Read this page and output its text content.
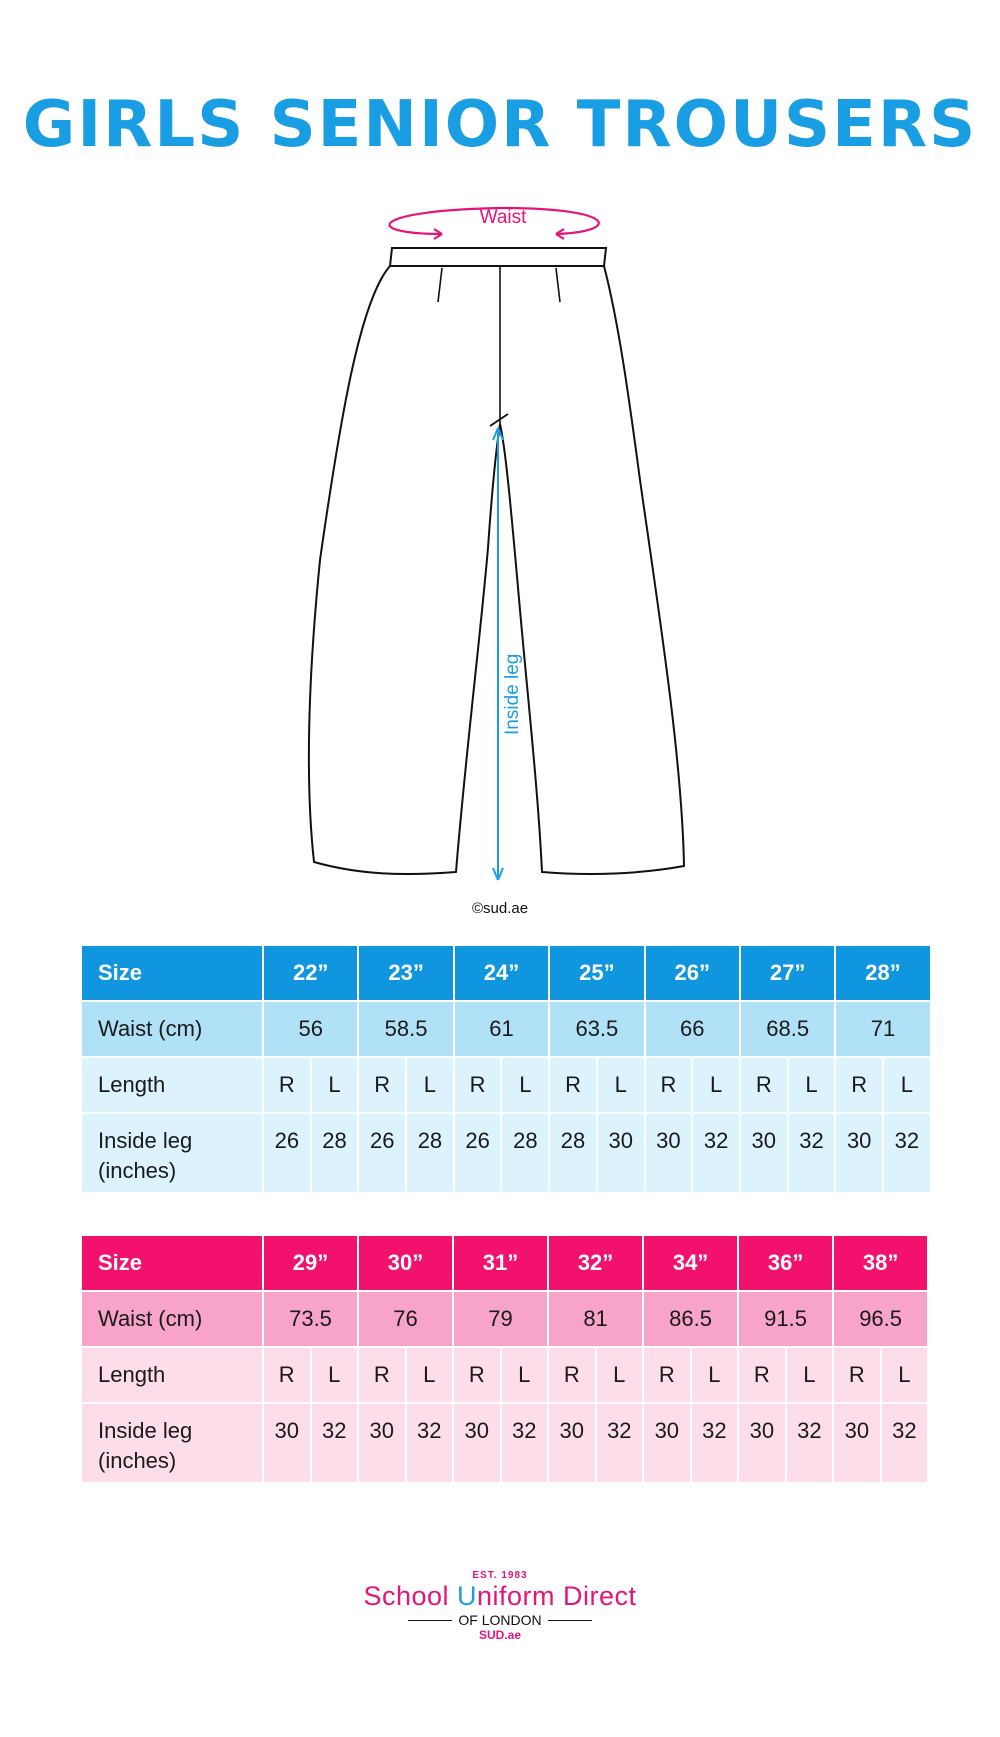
GIRLS SENIOR TROUSERS
Waist
Inside leg
©sud.ae
Size	22”		23”		24”		25”		26”		27”		28”	
Waist (cm)	56		58.5		61		63.5		66		68.5		71	
Length	R	L	R	L	R	L	R	L	R	L	R	L	R	L

Inside leg
(inches)	26	28	26	28	26	28	28	30	30	32	30	32	30	32
Size	29”		30”		31”		32”		34”		36”		38”	
Waist (cm)	73.5		76		79		81		86.5		91.5		96.5	
Length	R	L	R	L	R	L	R	L	R	L	R	L	R	L

Inside leg
(inches)	30	32	30	32	30	32	30	32	30	32	30	32	30	32
EST. 1983
School Uniform Direct
OF LONDON
SUD.ae
